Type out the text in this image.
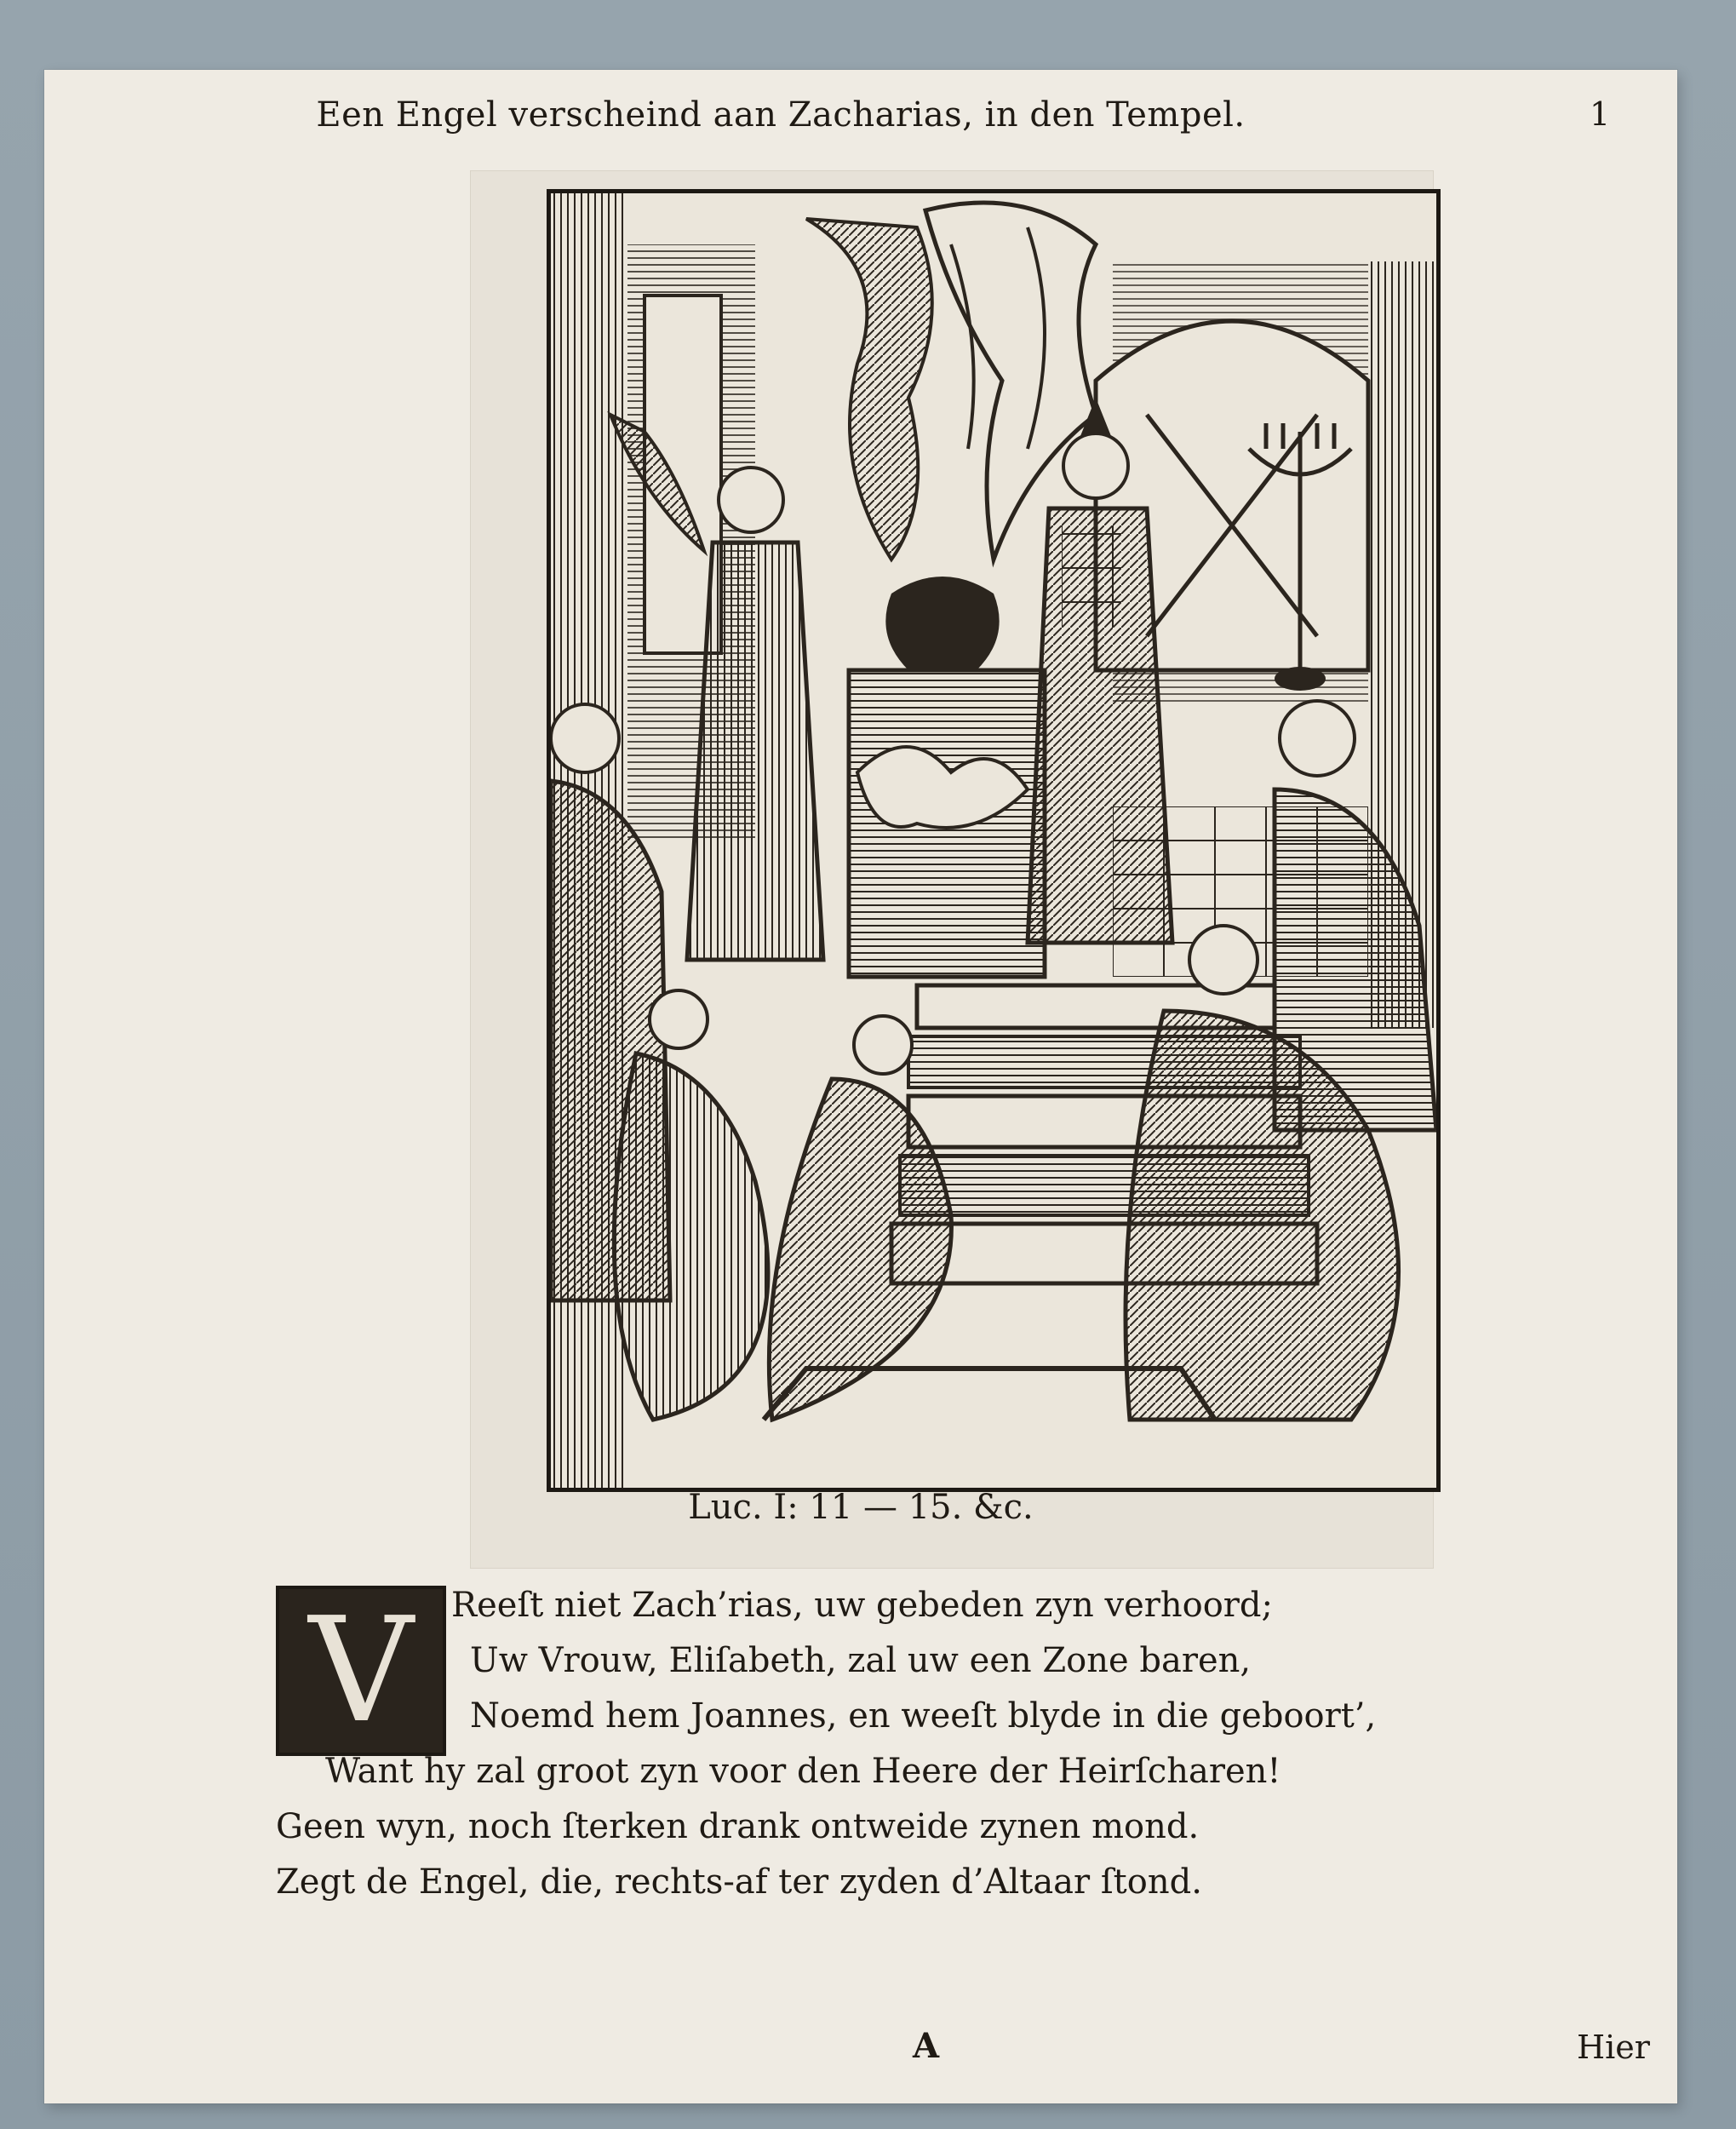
Een Engel verscheind aan Zacharias, in den Tempel.	1
Luc. I: 11 — 15. &c.
V	Reeſt niet Zach’rias, uw gebeden zyn verhoord;
Uw Vrouw, Eliſabeth, zal uw een Zone baren,
Noemd hem Joannes, en weeſt blyde in die geboort’,
Want hy zal groot zyn voor den Heere der Heirſcharen!
Geen wyn, noch ſterken drank ontweide zynen mond.
Zegt de Engel, die, rechts-af ter zyden d’Altaar ſtond.
A	Hier
